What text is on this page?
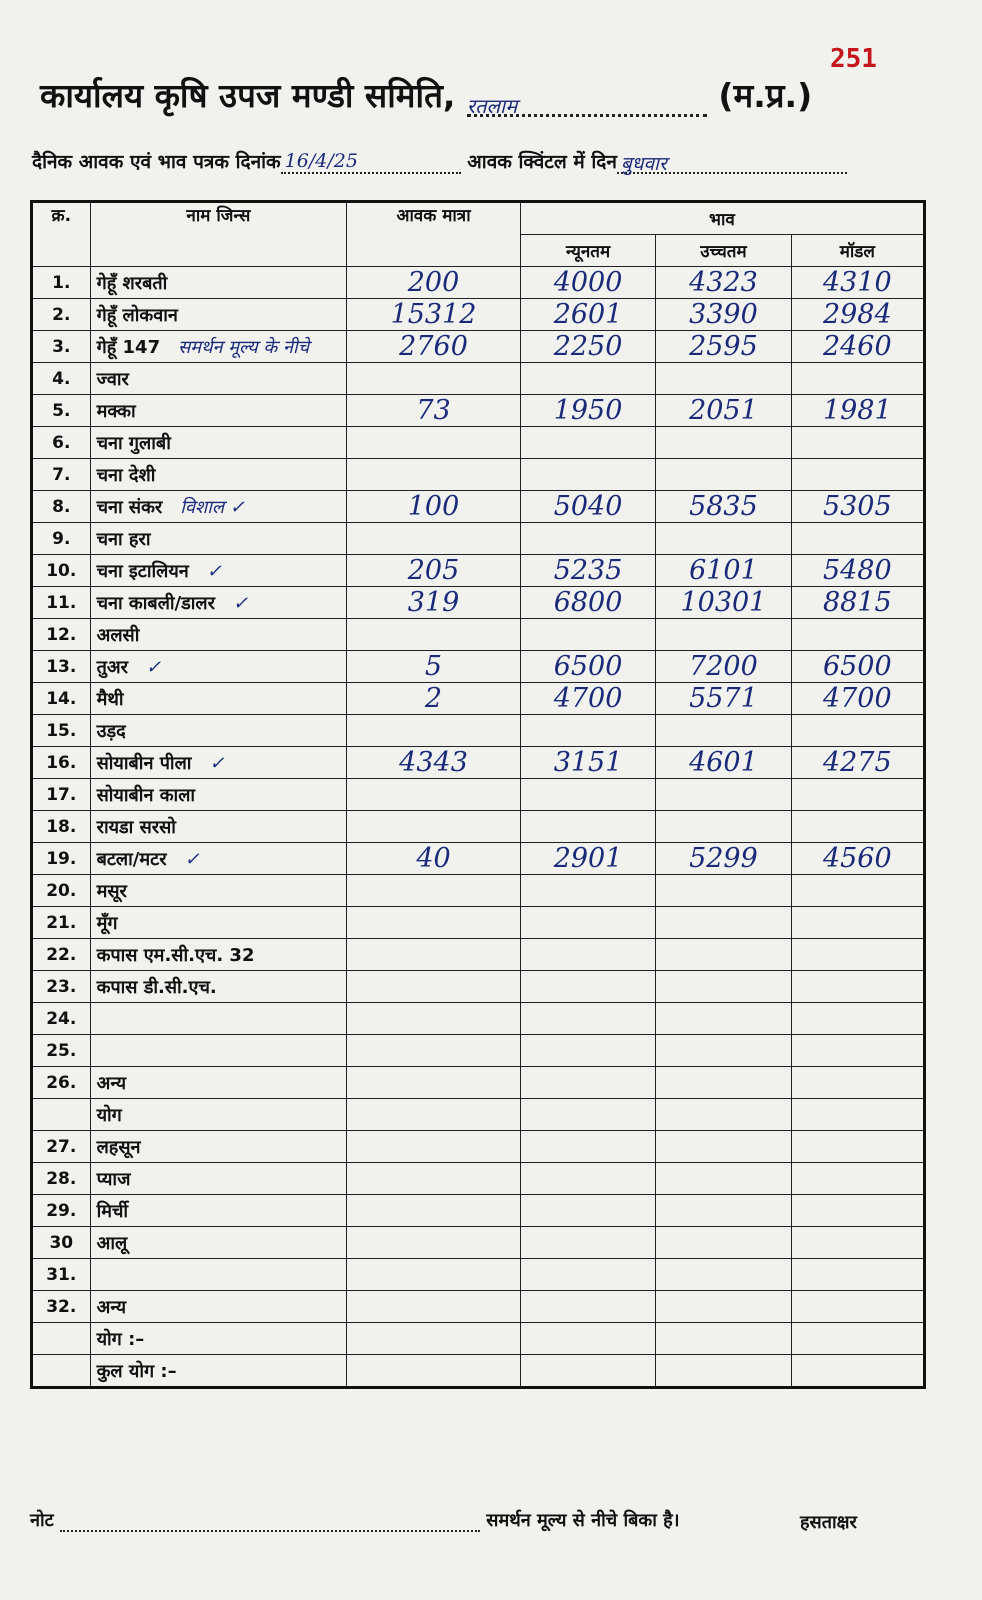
251
कार्यालय कृषि उपज मण्डी समिति, रतलाम	(म.प्र.)
दैनिक आवक एवं भाव पत्रक दिनांक 16/4/25	आवक क्विंटल में दिन बुधवार
क्र.	नाम जिन्स	आवक मात्रा	भाव		
			न्यूनतम	उच्चतम	मॉडल
1.	गेहूँ शरबती	200	4000	4323	4310
2.	गेहूँ लोकवान	15312	2601	3390	2984
3.	गेहूँ 147 समर्थन मूल्य के नीचे	2760	2250	2595	2460
4.	ज्वार				
5.	मक्का	73	1950	2051	1981
6.	चना गुलाबी				
7.	चना देशी				
8.	चना संकर विशाल ✓	100	5040	5835	5305
9.	चना हरा				
10.	चना इटालियन ✓	205	5235	6101	5480
11.	चना काबली/डालर ✓	319	6800	10301	8815
12.	अलसी				
13.	तुअर ✓	5	6500	7200	6500
14.	मैथी	2	4700	5571	4700
15.	उड़द				
16.	सोयाबीन पीला ✓	4343	3151	4601	4275
17.	सोयाबीन काला				
18.	रायडा सरसो				
19.	बटला/मटर ✓	40	2901	5299	4560
20.	मसूर				
21.	मूँग				
22.	कपास एम.सी.एच. 32				
23.	कपास डी.सी.एच.				
24.					
25.					
26.	अन्य				
	योग				
27.	लहसून				
28.	प्याज				
29.	मिर्ची				
30	आलू				
31.					
32.	अन्य				
	योग :–				
	कुल योग :–				
नोट	समर्थन मूल्य से नीचे बिका है।	हसताक्षर
